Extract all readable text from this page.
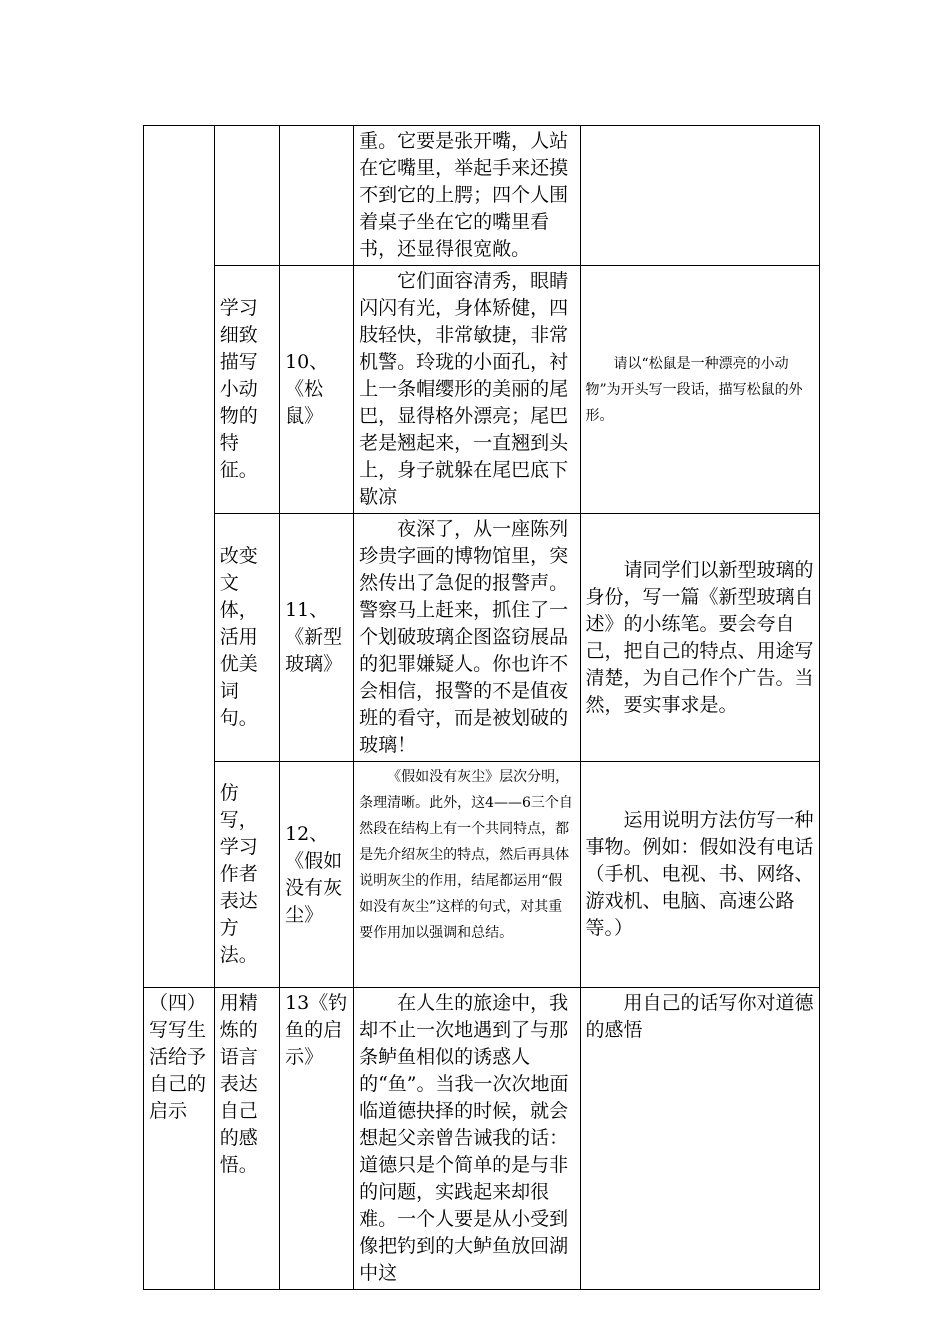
			重。它要是张开嘴，人站在它嘴里，举起手来还摸不到它的上腭；四个人围着桌子坐在它的嘴里看书，还显得很宽敞。	
	学习细致描写小动物的特征。	10、《松鼠》	它们面容清秀，眼睛闪闪有光，身体矫健，四肢轻快，非常敏捷，非常机警。玲珑的小面孔，衬上一条帽缨形的美丽的尾巴，显得格外漂亮；尾巴老是翘起来，一直翘到头上，身子就躲在尾巴底下歇凉	请以“松鼠是一种漂亮的小动物”为开头写一段话，描写松鼠的外形。
	改变文体，活用优美词句。	11、《新型玻璃》	夜深了，从一座陈列珍贵字画的博物馆里，突然传出了急促的报警声。警察马上赶来，抓住了一个划破玻璃企图盗窃展品的犯罪嫌疑人。你也许不会相信，报警的不是值夜班的看守，而是被划破的玻璃！	请同学们以新型玻璃的身份，写一篇《新型玻璃自述》的小练笔。要会夸自己，把自己的特点、用途写清楚，为自己作个广告。当然，要实事求是。
	仿写，学习作者表达方法。	12、《假如没有灰尘》	《假如没有灰尘》层次分明，条理清晰。此外，这4——6三个自然段在结构上有一个共同特点，都是先介绍灰尘的特点，然后再具体说明灰尘的作用，结尾都运用“假如没有灰尘”这样的句式，对其重要作用加以强调和总结。	运用说明方法仿写一种事物。例如：假如没有电话（手机、电视、书、网络、游戏机、电脑、高速公路等。）
（四）写写生活给予自己的启示	用精炼的语言表达自己的感悟。	13《钓鱼的启示》	在人生的旅途中，我却不止一次地遇到了与那条鲈鱼相似的诱惑人的“鱼”。当我一次次地面临道德抉择的时候，就会想起父亲曾告诫我的话：道德只是个简单的是与非的问题，实践起来却很难。一个人要是从小受到像把钓到的大鲈鱼放回湖中这	用自己的话写你对道德的感悟
